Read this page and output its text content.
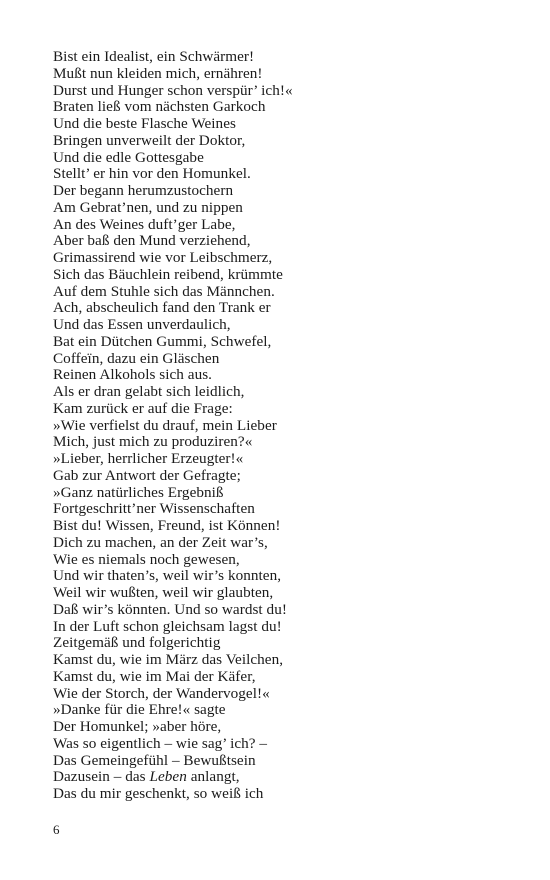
Bist ein Idealist, ein Schwärmer!
Mußt nun kleiden mich, ernähren!
Durst und Hunger schon verspür’ ich!«
Braten ließ vom nächsten Garkoch
Und die beste Flasche Weines
Bringen unverweilt der Doktor,
Und die edle Gottesgabe
Stellt’ er hin vor den Homunkel.
Der begann herumzustochern
Am Gebrat’nen, und zu nippen
An des Weines duft’ger Labe,
Aber baß den Mund verziehend,
Grimassirend wie vor Leibschmerz,
Sich das Bäuchlein reibend, krümmte
Auf dem Stuhle sich das Männchen.
Ach, abscheulich fand den Trank er
Und das Essen unverdaulich,
Bat ein Dütchen Gummi, Schwefel,
Coffeïn, dazu ein Gläschen
Reinen Alkohols sich aus.
Als er dran gelabt sich leidlich,
Kam zurück er auf die Frage:
»Wie verfielst du drauf, mein Lieber
Mich, just mich zu produziren?«
»Lieber, herrlicher Erzeugter!«
Gab zur Antwort der Gefragte;
»Ganz natürliches Ergebniß
Fortgeschritt’ner Wissenschaften
Bist du! Wissen, Freund, ist Können!
Dich zu machen, an der Zeit war’s,
Wie es niemals noch gewesen,
Und wir thaten’s, weil wir’s konnten,
Weil wir wußten, weil wir glaubten,
Daß wir’s könnten. Und so wardst du!
In der Luft schon gleichsam lagst du!
Zeitgemäß und folgerichtig
Kamst du, wie im März das Veilchen,
Kamst du, wie im Mai der Käfer,
Wie der Storch, der Wandervogel!«
»Danke für die Ehre!« sagte
Der Homunkel; »aber höre,
Was so eigentlich – wie sag’ ich? –
Das Gemeingefühl – Bewußtsein
Dazusein – das Leben anlangt,
Das du mir geschenkt, so weiß ich
6
